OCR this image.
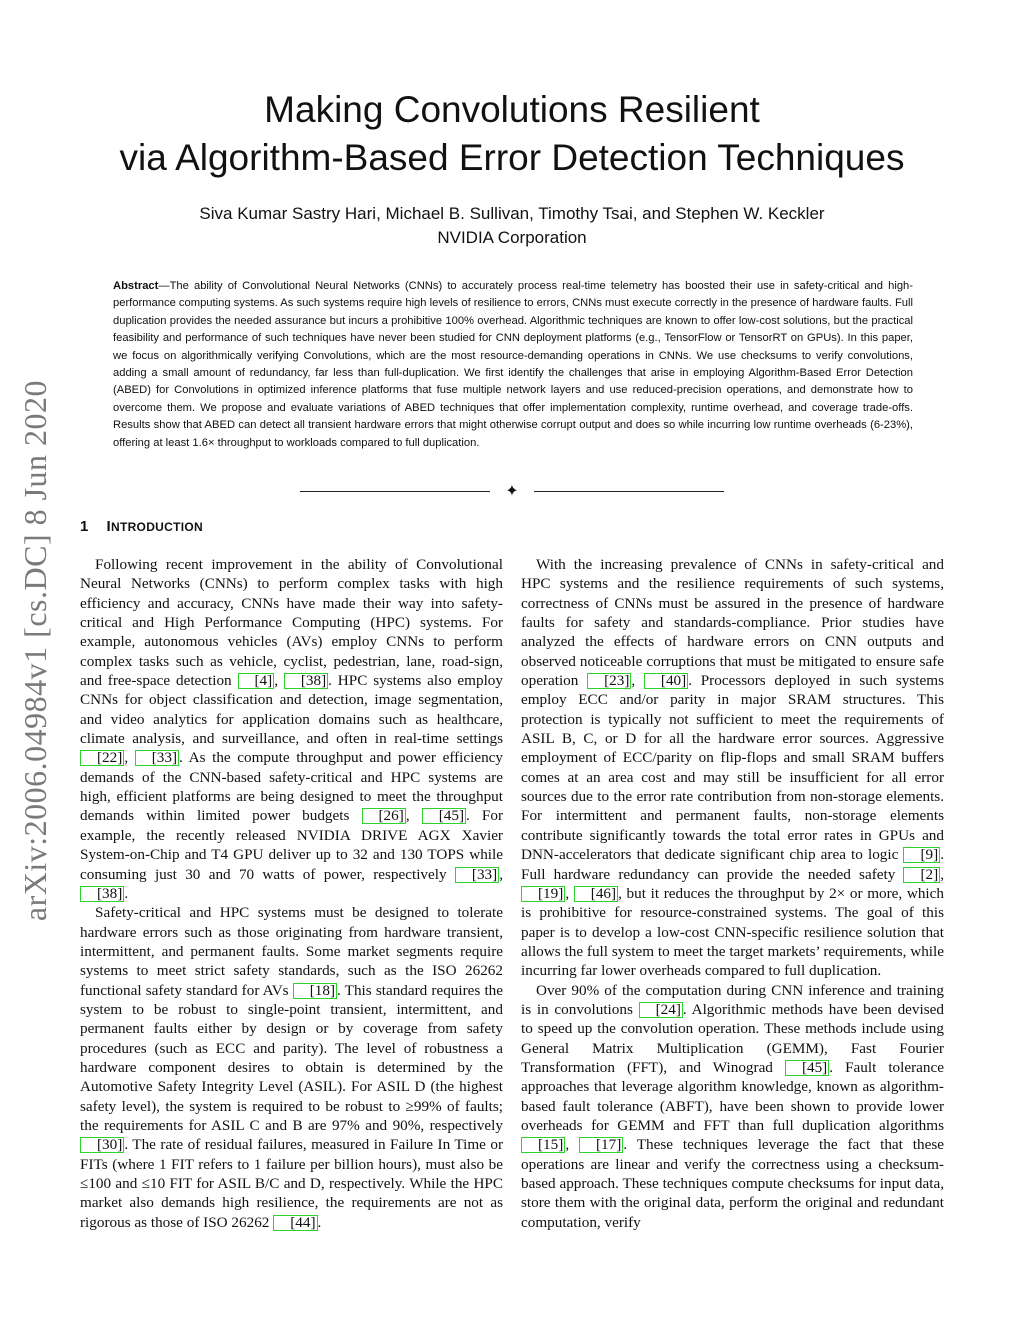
arXiv:2006.04984v1 [cs.DC] 8 Jun 2020
Making Convolutions Resilient
via Algorithm-Based Error Detection Techniques
Siva Kumar Sastry Hari, Michael B. Sullivan, Timothy Tsai, and Stephen W. Keckler
NVIDIA Corporation

Abstract—The ability of Convolutional Neural Networks (CNNs) to accurately process real-time telemetry has boosted their use in safety-critical and high-performance computing systems. As such systems require high levels of resilience to errors, CNNs must execute correctly in the presence of hardware faults. Full duplication provides the needed assurance but incurs a prohibitive 100% overhead. Algorithmic techniques are known to offer low-cost solutions, but the practical feasibility and performance of such techniques have never been studied for CNN deployment platforms (e.g., TensorFlow or TensorRT on GPUs). In this paper, we focus on algorithmically verifying Convolutions, which are the most resource-demanding operations in CNNs. We use checksums to verify convolutions, adding a small amount of redundancy, far less than full-duplication. We first identify the challenges that arise in employing Algorithm-Based Error Detection (ABED) for Convolutions in optimized inference platforms that fuse multiple network layers and use reduced-precision operations, and demonstrate how to overcome them. We propose and evaluate variations of ABED techniques that offer implementation complexity, runtime overhead, and coverage trade-offs. Results show that ABED can detect all transient hardware errors that might otherwise corrupt output and does so while incurring low runtime overheads (6-23%), offering at least 1.6× throughput to workloads compared to full duplication.

✦
1 INTRODUCTION

Following recent improvement in the ability of Convolutional Neural Networks (CNNs) to perform complex tasks with high efficiency and accuracy, CNNs have made their way into safety-critical and High Performance Computing (HPC) systems. For example, autonomous vehicles (AVs) employ CNNs to perform complex tasks such as vehicle, cyclist, pedestrian, lane, road-sign, and free-space detection [4] , [38] . HPC systems also employ CNNs for object classification and detection, image segmentation, and video analytics for application domains such as healthcare, climate analysis, and surveillance, and often in real-time settings [22] , [33] . As the compute throughput and power efficiency demands of the CNN-based safety-critical and HPC systems are high, efficient platforms are being designed to meet the throughput demands within limited power budgets [26] , [45] . For example, the recently released NVIDIA DRIVE AGX Xavier System-on-Chip and T4 GPU deliver up to 32 and 130 TOPS while consuming just 30 and 70 watts of power, respectively [33] , [38] .

Safety-critical and HPC systems must be designed to tolerate hardware errors such as those originating from hardware transient, intermittent, and permanent faults. Some market segments require systems to meet strict safety standards, such as the ISO 26262 functional safety standard for AVs [18] . This standard requires the system to be robust to single-point transient, intermittent, and permanent faults either by design or by coverage from safety procedures (such as ECC and parity). The level of robustness a hardware component desires to obtain is determined by the Automotive Safety Integrity Level (ASIL). For ASIL D (the highest safety level), the system is required to be robust to ≥99% of faults; the requirements for ASIL C and B are 97% and 90%, respectively [30] . The rate of residual failures, measured in Failure In Time or FITs (where 1 FIT refers to 1 failure per billion hours), must also be ≤100 and ≤10 FIT for ASIL B/C and D, respectively. While the HPC market also demands high resilience, the requirements are not as rigorous as those of ISO 26262 [44] .

With the increasing prevalence of CNNs in safety-critical and HPC systems and the resilience requirements of such systems, correctness of CNNs must be assured in the presence of hardware faults for safety and standards-compliance. Prior studies have analyzed the effects of hardware errors on CNN outputs and observed noticeable corruptions that must be mitigated to ensure safe operation [23] , [40] . Processors deployed in such systems employ ECC and/or parity in major SRAM structures. This protection is typically not sufficient to meet the requirements of ASIL B, C, or D for all the hardware error sources. Aggressive employment of ECC/parity on flip-flops and small SRAM buffers comes at an area cost and may still be insufficient for all error sources due to the error rate contribution from non-storage elements. For intermittent and permanent faults, non-storage elements contribute significantly towards the total error rates in GPUs and DNN-accelerators that dedicate significant chip area to logic [9] . Full hardware redundancy can provide the needed safety [2] , [19] , [46] , but it reduces the throughput by 2× or more, which is prohibitive for resource-constrained systems. The goal of this paper is to develop a low-cost CNN-specific resilience solution that allows the full system to meet the target markets’ requirements, while incurring far lower overheads compared to full duplication.

Over 90% of the computation during CNN inference and training is in convolutions [24] . Algorithmic methods have been devised to speed up the convolution operation. These methods include using General Matrix Multiplication (GEMM), Fast Fourier Transformation (FFT), and Winograd [45] . Fault tolerance approaches that leverage algorithm knowledge, known as algorithm-based fault tolerance (ABFT), have been shown to provide lower overheads for GEMM and FFT than full duplication algorithms [15] , [17] . These techniques leverage the fact that these operations are linear and verify the correctness using a checksum-based approach. These techniques compute checksums for input data, store them with the original data, perform the original and redundant computation, verify
